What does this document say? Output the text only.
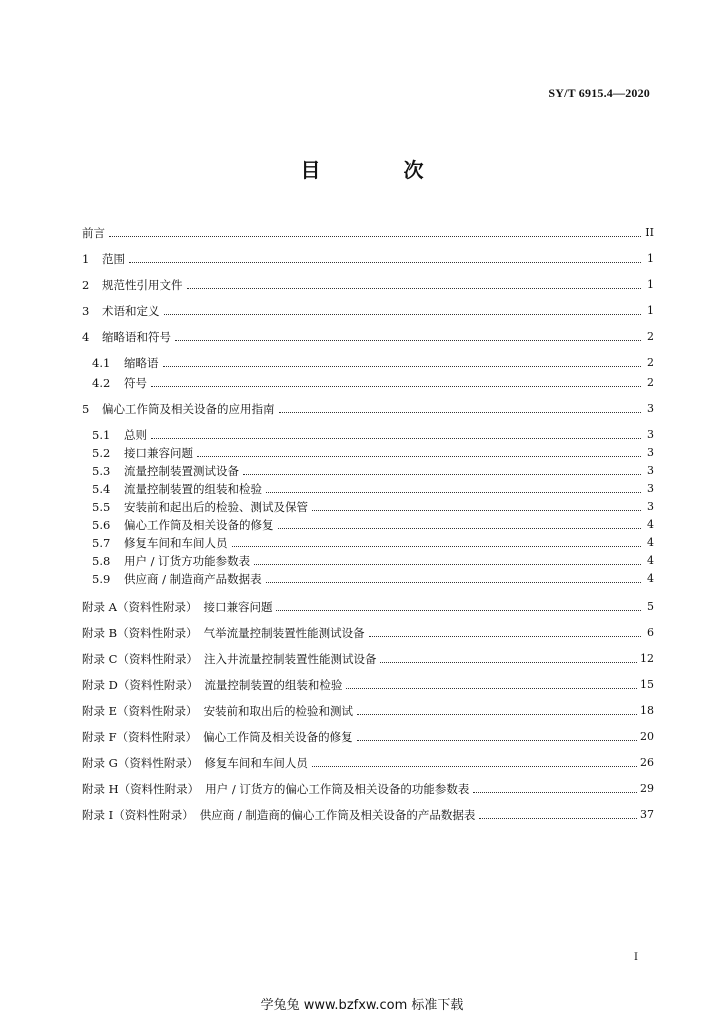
SY/T 6915.4—2020
目 次
前言	II
1	范围	1
2	规范性引用文件	1
3	术语和定义	1
4	缩略语和符号	2
4.1	缩略语	2
4.2	符号	2
5	偏心工作筒及相关设备的应用指南	3
5.1	总则	3
5.2	接口兼容问题	3
5.3	流量控制装置测试设备	3
5.4	流量控制装置的组装和检验	3
5.5	安装前和起出后的检验、测试及保管	3
5.6	偏心工作筒及相关设备的修复	4
5.7	修复车间和车间人员	4
5.8	用户 / 订货方功能参数表	4
5.9	供应商 / 制造商产品数据表	4
附录 A（资料性附录） 接口兼容问题	5
附录 B（资料性附录） 气举流量控制装置性能测试设备	6
附录 C（资料性附录） 注入井流量控制装置性能测试设备	12
附录 D（资料性附录） 流量控制装置的组装和检验	15
附录 E（资料性附录） 安装前和取出后的检验和测试	18
附录 F（资料性附录） 偏心工作筒及相关设备的修复	20
附录 G（资料性附录） 修复车间和车间人员	26
附录 H（资料性附录） 用户 / 订货方的偏心工作筒及相关设备的功能参数表	29
附录 I（资料性附录） 供应商 / 制造商的偏心工作筒及相关设备的产品数据表	37
I
学兔兔 www.bzfxw.com 标准下载
